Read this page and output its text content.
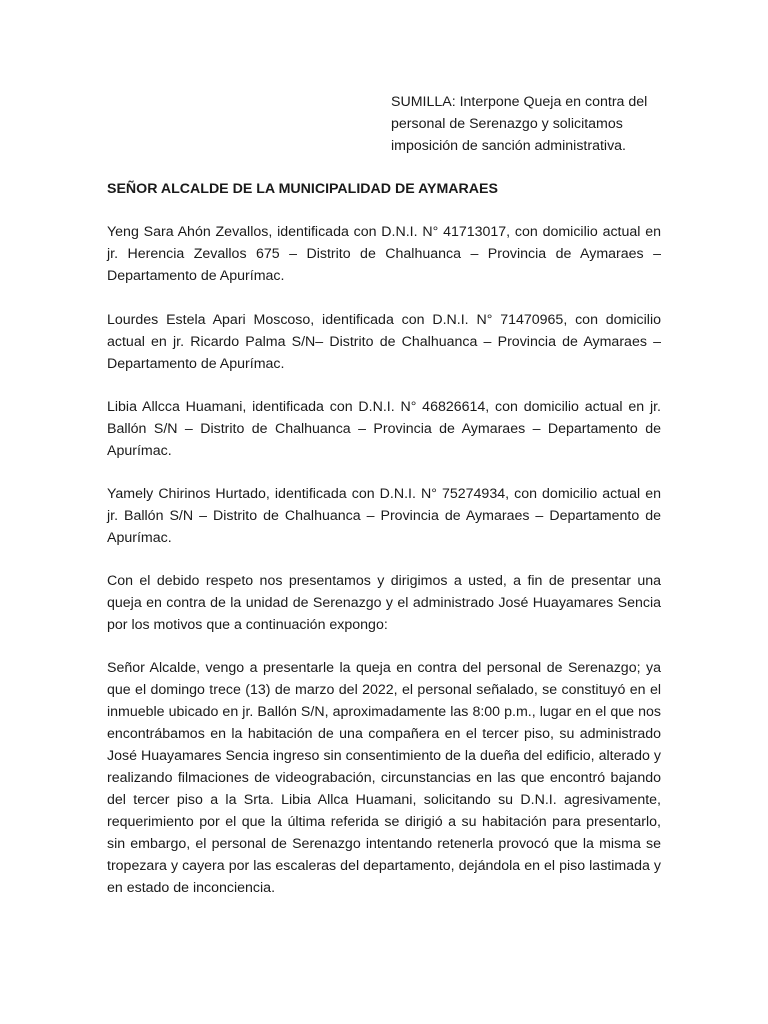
SUMILLA: Interpone Queja en contra del personal de Serenazgo y solicitamos imposición de sanción administrativa.

SEÑOR ALCALDE DE LA MUNICIPALIDAD DE AYMARAES

Yeng Sara Ahón Zevallos, identificada con D.N.I. N° 41713017, con domicilio actual en jr. Herencia Zevallos 675 – Distrito de Chalhuanca – Provincia de Aymaraes – Departamento de Apurímac.

Lourdes Estela Apari Moscoso, identificada con D.N.I. N° 71470965, con domicilio actual en jr. Ricardo Palma S/N– Distrito de Chalhuanca – Provincia de Aymaraes – Departamento de Apurímac.

Libia Allcca Huamani, identificada con D.N.I. N° 46826614, con domicilio actual en jr. Ballón S/N – Distrito de Chalhuanca – Provincia de Aymaraes – Departamento de Apurímac.

Yamely Chirinos Hurtado, identificada con D.N.I. N° 75274934, con domicilio actual en jr. Ballón S/N – Distrito de Chalhuanca – Provincia de Aymaraes – Departamento de Apurímac.

Con el debido respeto nos presentamos y dirigimos a usted, a fin de presentar una queja en contra de la unidad de Serenazgo y el administrado José Huayamares Sencia por los motivos que a continuación expongo:

Señor Alcalde, vengo a presentarle la queja en contra del personal de Serenazgo; ya que el domingo trece (13) de marzo del 2022, el personal señalado, se constituyó en el inmueble ubicado en jr. Ballón S/N, aproximadamente las 8:00 p.m., lugar en el que nos encontrábamos en la habitación de una compañera en el tercer piso, su administrado José Huayamares Sencia ingreso sin consentimiento de la dueña del edificio, alterado y realizando filmaciones de videograbación, circunstancias en las que encontró bajando del tercer piso a la Srta. Libia Allca Huamani, solicitando su D.N.I. agresivamente, requerimiento por el que la última referida se dirigió a su habitación para presentarlo, sin embargo, el personal de Serenazgo intentando retenerla provocó que la misma se tropezara y cayera por las escaleras del departamento, dejándola en el piso lastimada y en estado de inconciencia.
